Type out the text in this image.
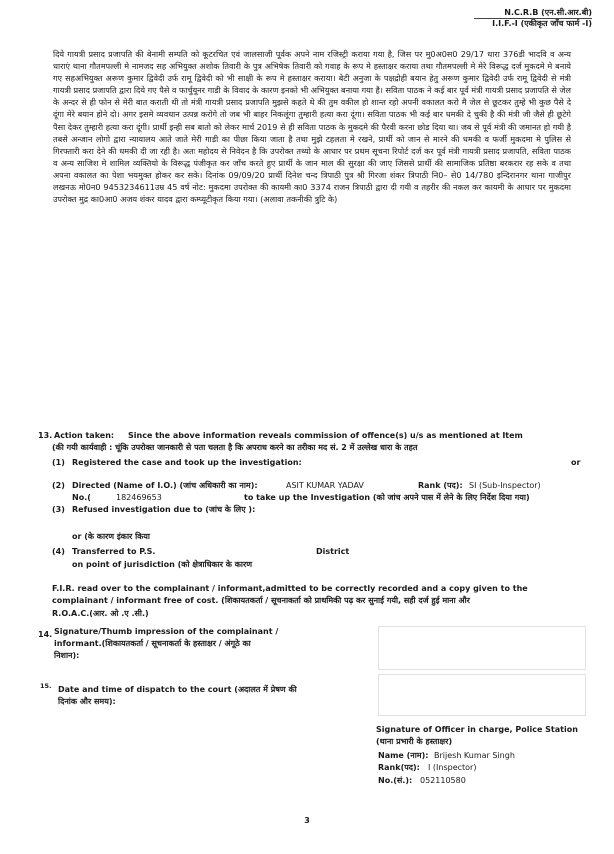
N.C.R.B (एन.सी.आर.बी)
I.I.F.-I (एकीकृत जाँच फार्म -I)
दिये गायत्री प्रसाद प्रजापति की बेनामी सम्पति को कूटरचित एवं जालसाजी पूर्वक अपने नाम रजिस्ट्री कराया गया है, जिस पर मु0अ0स0 29/17 धारा 376डी भादवि व अन्य धाराएं थाना गौतमपल्ली मे नामजद सह अभियुक्त अशोक तिवारी के पुत्र अभिषेक तिवारी को गवाह के रूप मे हस्ताक्षर कराया तथा गौतमपल्ली मे मेरे विरूद्ध दर्ज मुकदमे मे बनाये गए सहअभियुक्त अरूण कुमार द्विवेदी उर्फ रामू द्विवेदी को भी साक्षी के रूप मे हस्ताक्षर कराया। बेटी अनुजा के पक्षद्रोही बयान हेतु अरूण कुमार द्विवेदी उर्फ रामू द्विवेदी से मंत्री गायत्री प्रसाद प्रजापति द्वारा दिये गए पैसे व फार्चुयूनर गाडी के विवाद के कारण इनको भी अभियुक्त बनाया गया है। सविता पाठक ने कई बार पूर्व मंत्री गायत्री प्रसाद प्रजापति से जेल के अन्दर से ही फोन से मेरी बात कराती थी तो मंत्री गायत्री प्रसाद प्रजापति मुझसे कहते थे की तुम वकील हो शान्त रहो अपनी वकालत करो मै जेल से छूटकर तुम्हे भी कुछ पैसे दे दूंगा मेरे बयान होने दो। अगर इसमे व्यवधान उत्पन्न करोगे तो जब भी बाहर निकलूंगा तुम्हारी हत्या करा दूंगा। सविता पाठक भी कई बार धमकी दे चुकी है की मंत्री जी जैसे ही छूटेगे पैसा देकर तुम्हारी हत्या करा दूंगी। प्रार्थी इन्ही सब बातो को लेकर मार्च 2019 से ही सविता पाठक के मुकदमे की पैरवी करना छोड दिया था। जब से पूर्व मंत्री की जमानत हो गयी है तबसे अन्जान लोगो द्वारा न्यायालय आते जाते मेरी गाडी का पीछा किया जाता है तथा मुझे टहलता मे रखने, प्रार्थी को जान से मारने की धमकी व फर्जी मुकदमा मे पुलिस से गिरफ्तारी करा देने की धमकी दी जा रही है। अतः महोदय से निवेदन है कि उपरोक्त तथ्यो के आधार पर प्रथम सूचना रिपोर्ट दर्ज कर पूर्व मंत्री गायत्री प्रसाद प्रजापति, सविता पाठक व अन्य साजिश मे शामिल व्यक्तियो के विरूद्ध पंजीकृत कर जाँच करते हुए प्रार्थी के जान माल की सुरक्षा की जाए जिससे प्रार्थी की सामाजिक प्रतिष्ठा बरकरार रह सके व तथा अपना वकालत का पेशा भयमुक्त होकर कर सके। दिनांक 09/09/20 प्रार्थी दिनेश चन्द त्रिपाठी पुत्र श्री गिरजा शंकर त्रिपाठी नि0– से0 14/780 इन्दिरानगर थाना गाजीपुर लखनऊ मो0न0 9453234611उम्र 45 वर्ष नोट: मुकदमा उपरोक्त की कायमी का0 3374 राजन त्रिपाठी द्वारा दी गयी व तहरीर की नकल कर कायमी के आधार पर मुकदमा उपरोक्त मुद्र का0आ0 अजय शंकर यादव द्वारा कम्प्यूटीकृत किया गया। (अलावा तकनीकी त्रुटि के)
13. Action taken: Since the above information reveals commission of offence(s) u/s as mentioned at Item
(की गयी कार्यवाही : चूंकि उपरोक्त जानकारी से पता चलता है कि अपराध करने का तरीका मद सं. 2 में उल्लेख धारा के तहत
(1) Registered the case and took up the investigation:	or
(2) Directed (Name of I.O.) (जांच अधिकारी का नाम):	ASIT KUMAR YADAV	Rank (पद): SI (Sub-Inspector)
No.(	182469653	to take up the Investigation (को जांच अपने पास में लेने के लिए निर्देश दिया गया)
(3) Refused investigation due to (जांच के लिए ):
or (के कारण इंकार किया
(4) Transferred to P.S.	District
on point of jurisdiction (को क्षेत्राधिकार के कारण
F.I.R. read over to the complainant / informant,admitted to be correctly recorded and a copy given to the
complainant / informant free of cost. (शिकायतकर्ता / सूचनाकर्ता को प्राथमिकी पढ़ कर सुनाई गयी, सही दर्ज हुई माना और
R.O.A.C.(आर. ओ .ए .सी.)
14. Signature/Thumb impression of the complainant /
informant.(शिकायतकर्ता / सूचनाकर्ता के हस्ताक्षर / अंगूठे का
निशान):
15. Date and time of dispatch to the court (अदालत में प्रेषण की
दिनांक और समय):
Signature of Officer in charge, Police Station
(थाना प्रभारी के हस्ताक्षर)
Name (नाम): Brijesh Kumar Singh
Rank(पद): I (Inspector)
No.(सं.): 052110580
3
